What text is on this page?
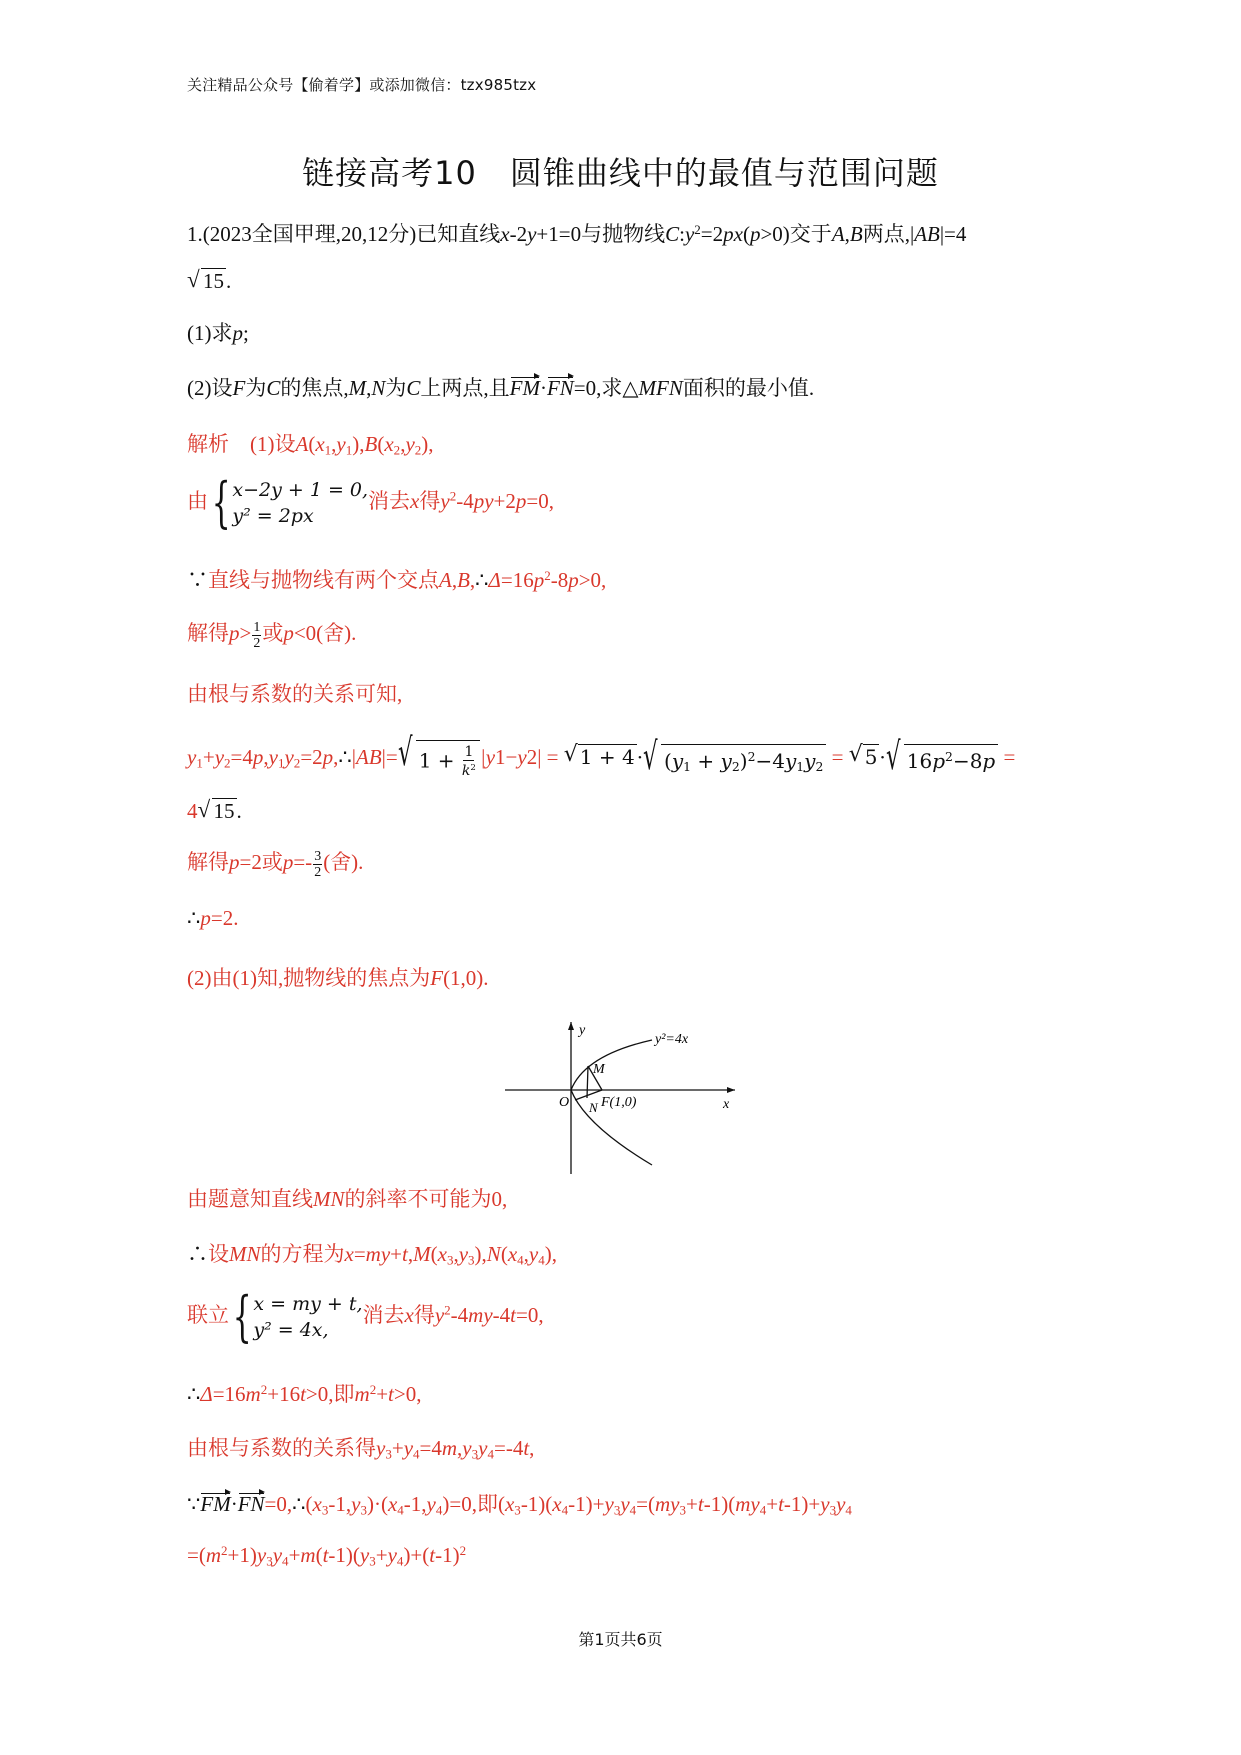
关注精品公众号【偷着学】或添加微信：tzx985tzx
链接高考10　圆锥曲线中的最值与范围问题
1.(2023全国甲理,20,12分)已知直线x-2y+1=0与抛物线$C:y^2=2px(p>0)$交于A,B两点,|AB|=4
√ 15.
(1)求p;
(2)设F为C的焦点,M,N为C上两点,且FM·FN=0,求△MFN面积的最小值.
解析　(1)设$A(x_1,y_1),B(x_2,y_2)$,
由{ x−2y + 1 = 0,
y² = 2px
消去x得$y^2-4py+2p=0$,
∵直线与抛物线有两个交点$A,B,\therefore\Delta=16p^2-8p>0$,
解得$p> \frac{1}{2}$ 或p<0(舍).
由根与系数的关系可知,
$y_1+y_2=4p,y_1y_2=2p,\therefore|AB|=$ √ $1 + \frac{1}{k^2} |y1-y2|$ = √ 1 + 4 · √ $(y_1 + y_2)^2-4y_1y_2$ = √ 5 · √ $16p^2-8p$ =
4 √ 15.
解得p=2或$p=- \frac{3}{2}$ (舍).
∴p=2.
(2)由(1)知,抛物线的焦点为F(1,0).
y
y²=4x
M
O N F(1,0)	x
由题意知直线MN的斜率不可能为0,
∴设MN的方程为$x=my+t,M(x_3,y_3),N(x_4,y_4)$,
联立{ x = my + t,
y² = 4x,
消去x得$y^2-4my-4t=0$,
$\therefore\Delta=16m^2+16t>0$,即$m^2+t>0$,
由根与系数的关系得$y_3+y_4=4m,y_3y_4=-4t$,
$\because FM\cdot FN=0,\therefore(x_3-1,y_3)\cdot(x_4-1,y_4)=0$,即$(x_3-1)(x_4-1)+y_3y_4=(my_3+t-1)(my_4+t-1)+y_3y_4$
$=(m^2+1)y_3y_4+m(t-1)(y_3+y_4)+(t-1)^2$
第1页共6页
